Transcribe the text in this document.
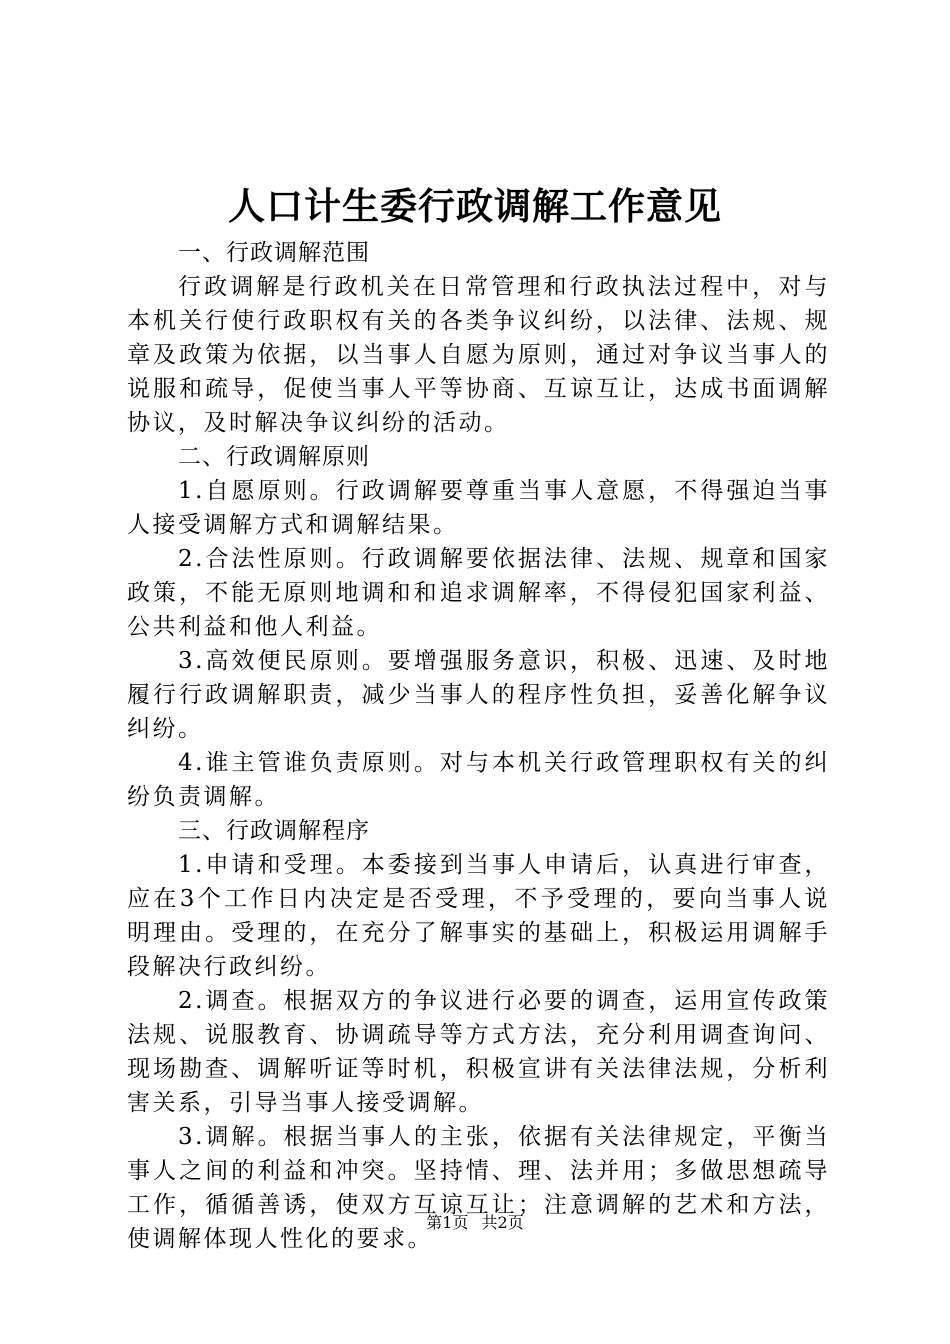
人口计生委行政调解工作意见

一、行政调解范围

行政调解是行政机关在日常管理和行政执法过程中，对与本机关行使行政职权有关的各类争议纠纷，以法律、法规、规章及政策为依据，以当事人自愿为原则，通过对争议当事人的说服和疏导，促使当事人平等协商、互谅互让，达成书面调解协议，及时解决争议纠纷的活动。

二、行政调解原则

1.自愿原则。行政调解要尊重当事人意愿，不得强迫当事人接受调解方式和调解结果。

2.合法性原则。行政调解要依据法律、法规、规章和国家政策，不能无原则地调和和追求调解率，不得侵犯国家利益、公共利益和他人利益。

3.高效便民原则。要增强服务意识，积极、迅速、及时地履行行政调解职责，减少当事人的程序性负担，妥善化解争议纠纷。

4.谁主管谁负责原则。对与本机关行政管理职权有关的纠纷负责调解。

三、行政调解程序

1.申请和受理。本委接到当事人申请后，认真进行审查，应在3个工作日内决定是否受理，不予受理的，要向当事人说明理由。受理的，在充分了解事实的基础上，积极运用调解手段解决行政纠纷。

2.调查。根据双方的争议进行必要的调查，运用宣传政策法规、说服教育、协调疏导等方式方法，充分利用调查询问、现场勘查、调解听证等时机，积极宣讲有关法律法规，分析利害关系，引导当事人接受调解。

3.调解。根据当事人的主张，依据有关法律规定，平衡当事人之间的利益和冲突。坚持情、理、法并用；多做思想疏导工作，循循善诱，使双方互谅互让；注意调解的艺术和方法，使调解体现人性化的要求。

第1页 共2页
